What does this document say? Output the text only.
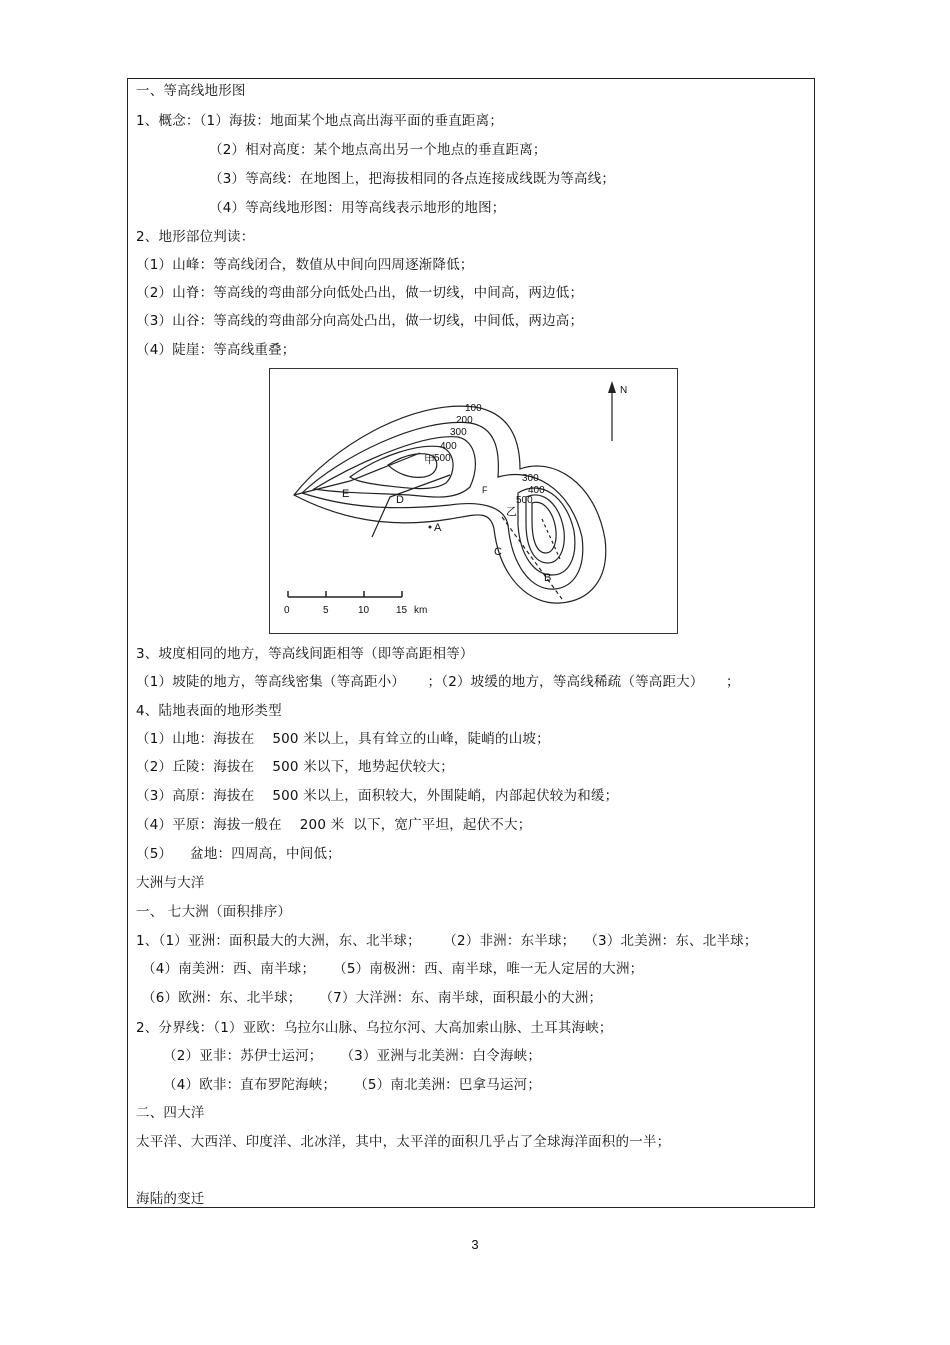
一、等高线地形图
1、概念：（1）海拔：地面某个地点高出海平面的垂直距离；
（2）相对高度：某个地点高出另一个地点的垂直距离；
（3）等高线：在地图上，把海拔相同的各点连接成线既为等高线；
（4）等高线地形图：用等高线表示地形的地图；
2、地形部位判读：
（1）山峰：等高线闭合，数值从中间向四周逐渐降低；
（2）山脊：等高线的弯曲部分向低处凸出，做一切线，中间高，两边低；
（3）山谷：等高线的弯曲部分向高处凸出，做一切线，中间低，两边高；
（4）陡崖：等高线重叠；
N
100
200
300
400
500
300
400
500
甲
乙
A
B
C
D
E	F
0	5	10	15 km
3、坡度相同的地方，等高线间距相等（即等高距相等）
（1）坡陡的地方，等高线密集（等高距小）     ；（2）坡缓的地方，等高线稀疏（等高距大）     ；
4、陆地表面的地形类型
（1）山地：海拔在    500 米以上，具有耸立的山峰，陡峭的山坡；
（2）丘陵：海拔在    500 米以下，地势起伏较大；
（3）高原：海拔在    500 米以上，面积较大，外围陡峭，内部起伏较为和缓；
（4）平原：海拔一般在    200 米  以下，宽广平坦，起伏不大；
（5）    盆地：四周高，中间低；
大洲与大洋
一、 七大洲（面积排序）
1、（1）亚洲：面积最大的大洲，东、北半球；     （2）非洲：东半球；  （3）北美洲：东、北半球；
（4）南美洲：西、南半球；    （5）南极洲：西、南半球，唯一无人定居的大洲；
（6）欧洲：东、北半球；    （7）大洋洲：东、南半球，面积最小的大洲；
2、分界线：（1）亚欧：乌拉尔山脉、乌拉尔河、大高加索山脉、土耳其海峡；
（2）亚非：苏伊士运河；    （3）亚洲与北美洲：白令海峡；
（4）欧非：直布罗陀海峡；    （5）南北美洲：巴拿马运河；
二、四大洋
太平洋、大西洋、印度洋、北冰洋，其中，太平洋的面积几乎占了全球海洋面积的一半；
海陆的变迁
3
